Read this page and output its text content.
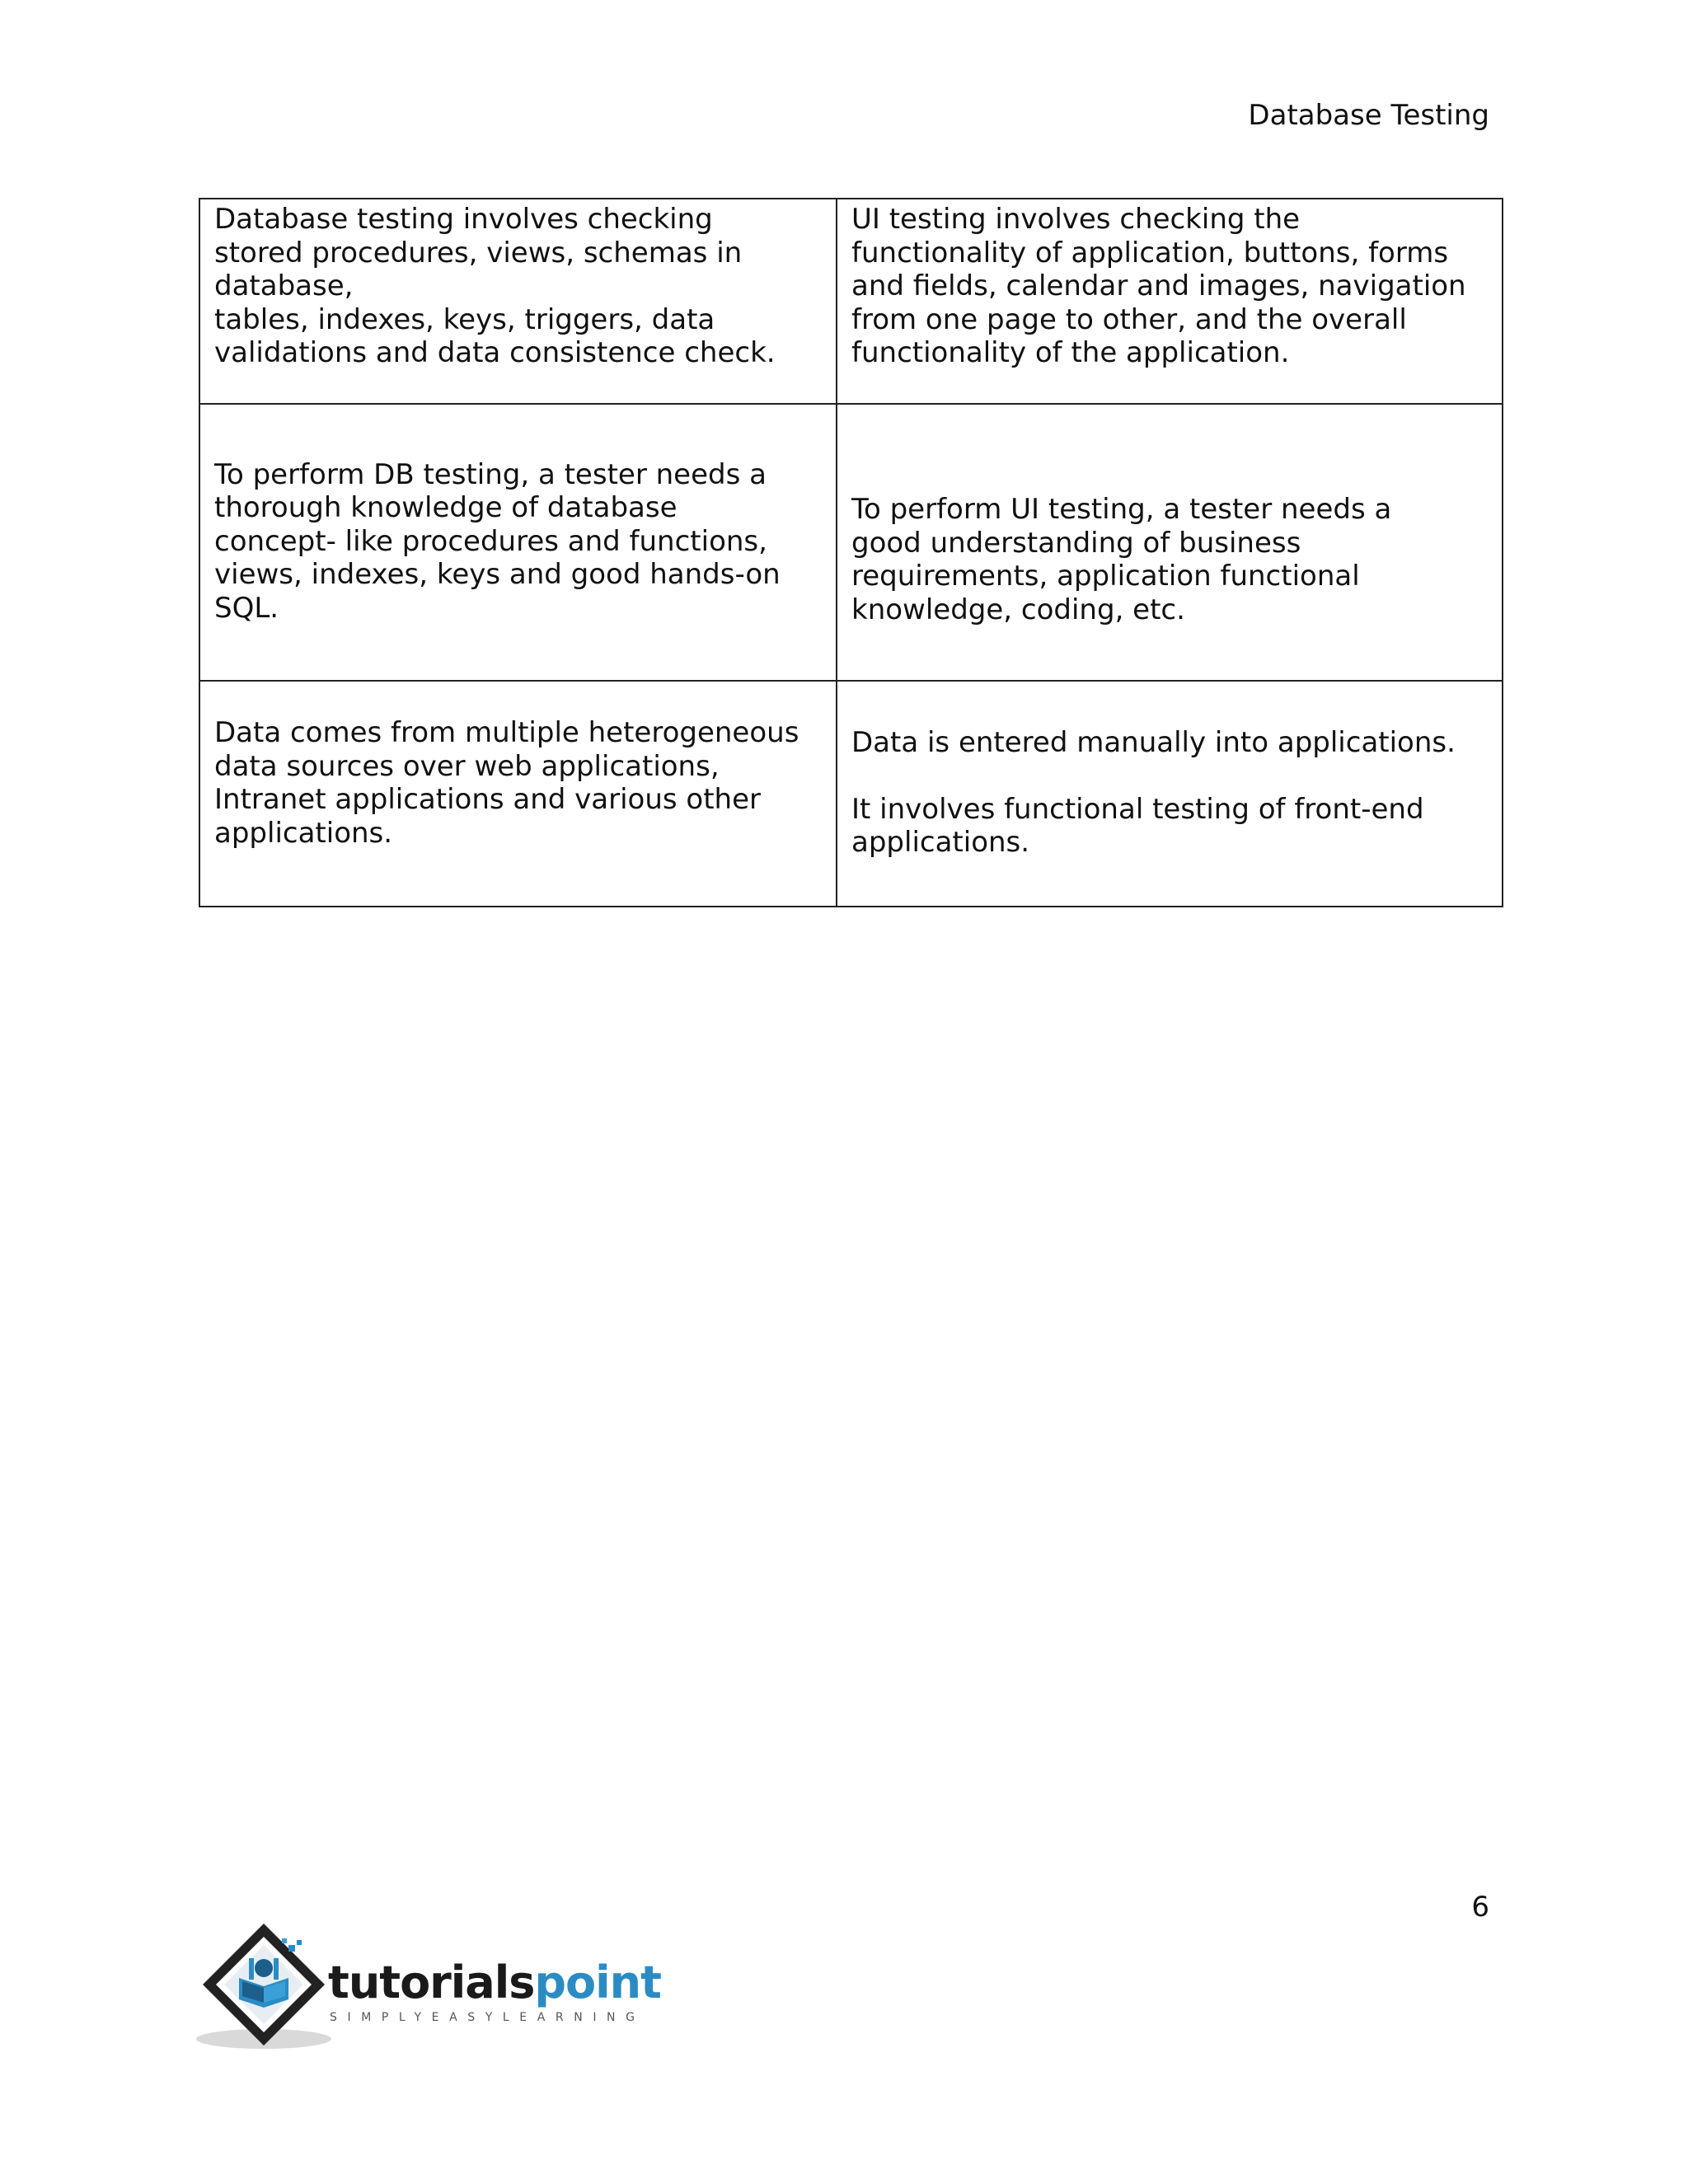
Database Testing
Database testing involves checking
stored procedures, views, schemas in
database,
tables, indexes, keys, triggers, data
validations and data consistence check.	UI testing involves checking the
functionality of application, buttons, forms
and fields, calendar and images, navigation
from one page to other, and the overall
functionality of the application.

To perform DB testing, a tester needs a
thorough knowledge of database
concept- like procedures and functions,
views, indexes, keys and good hands-on
SQL.	To perform UI testing, a tester needs a
good understanding of business
requirements, application functional
knowledge, coding, etc.

Data comes from multiple heterogeneous
data sources over web applications,
Intranet applications and various other
applications.	Data is entered manually into applications.
It involves functional testing of front-end
applications.
6
tutorialspoint
SIMPLYEASYLEARNING
